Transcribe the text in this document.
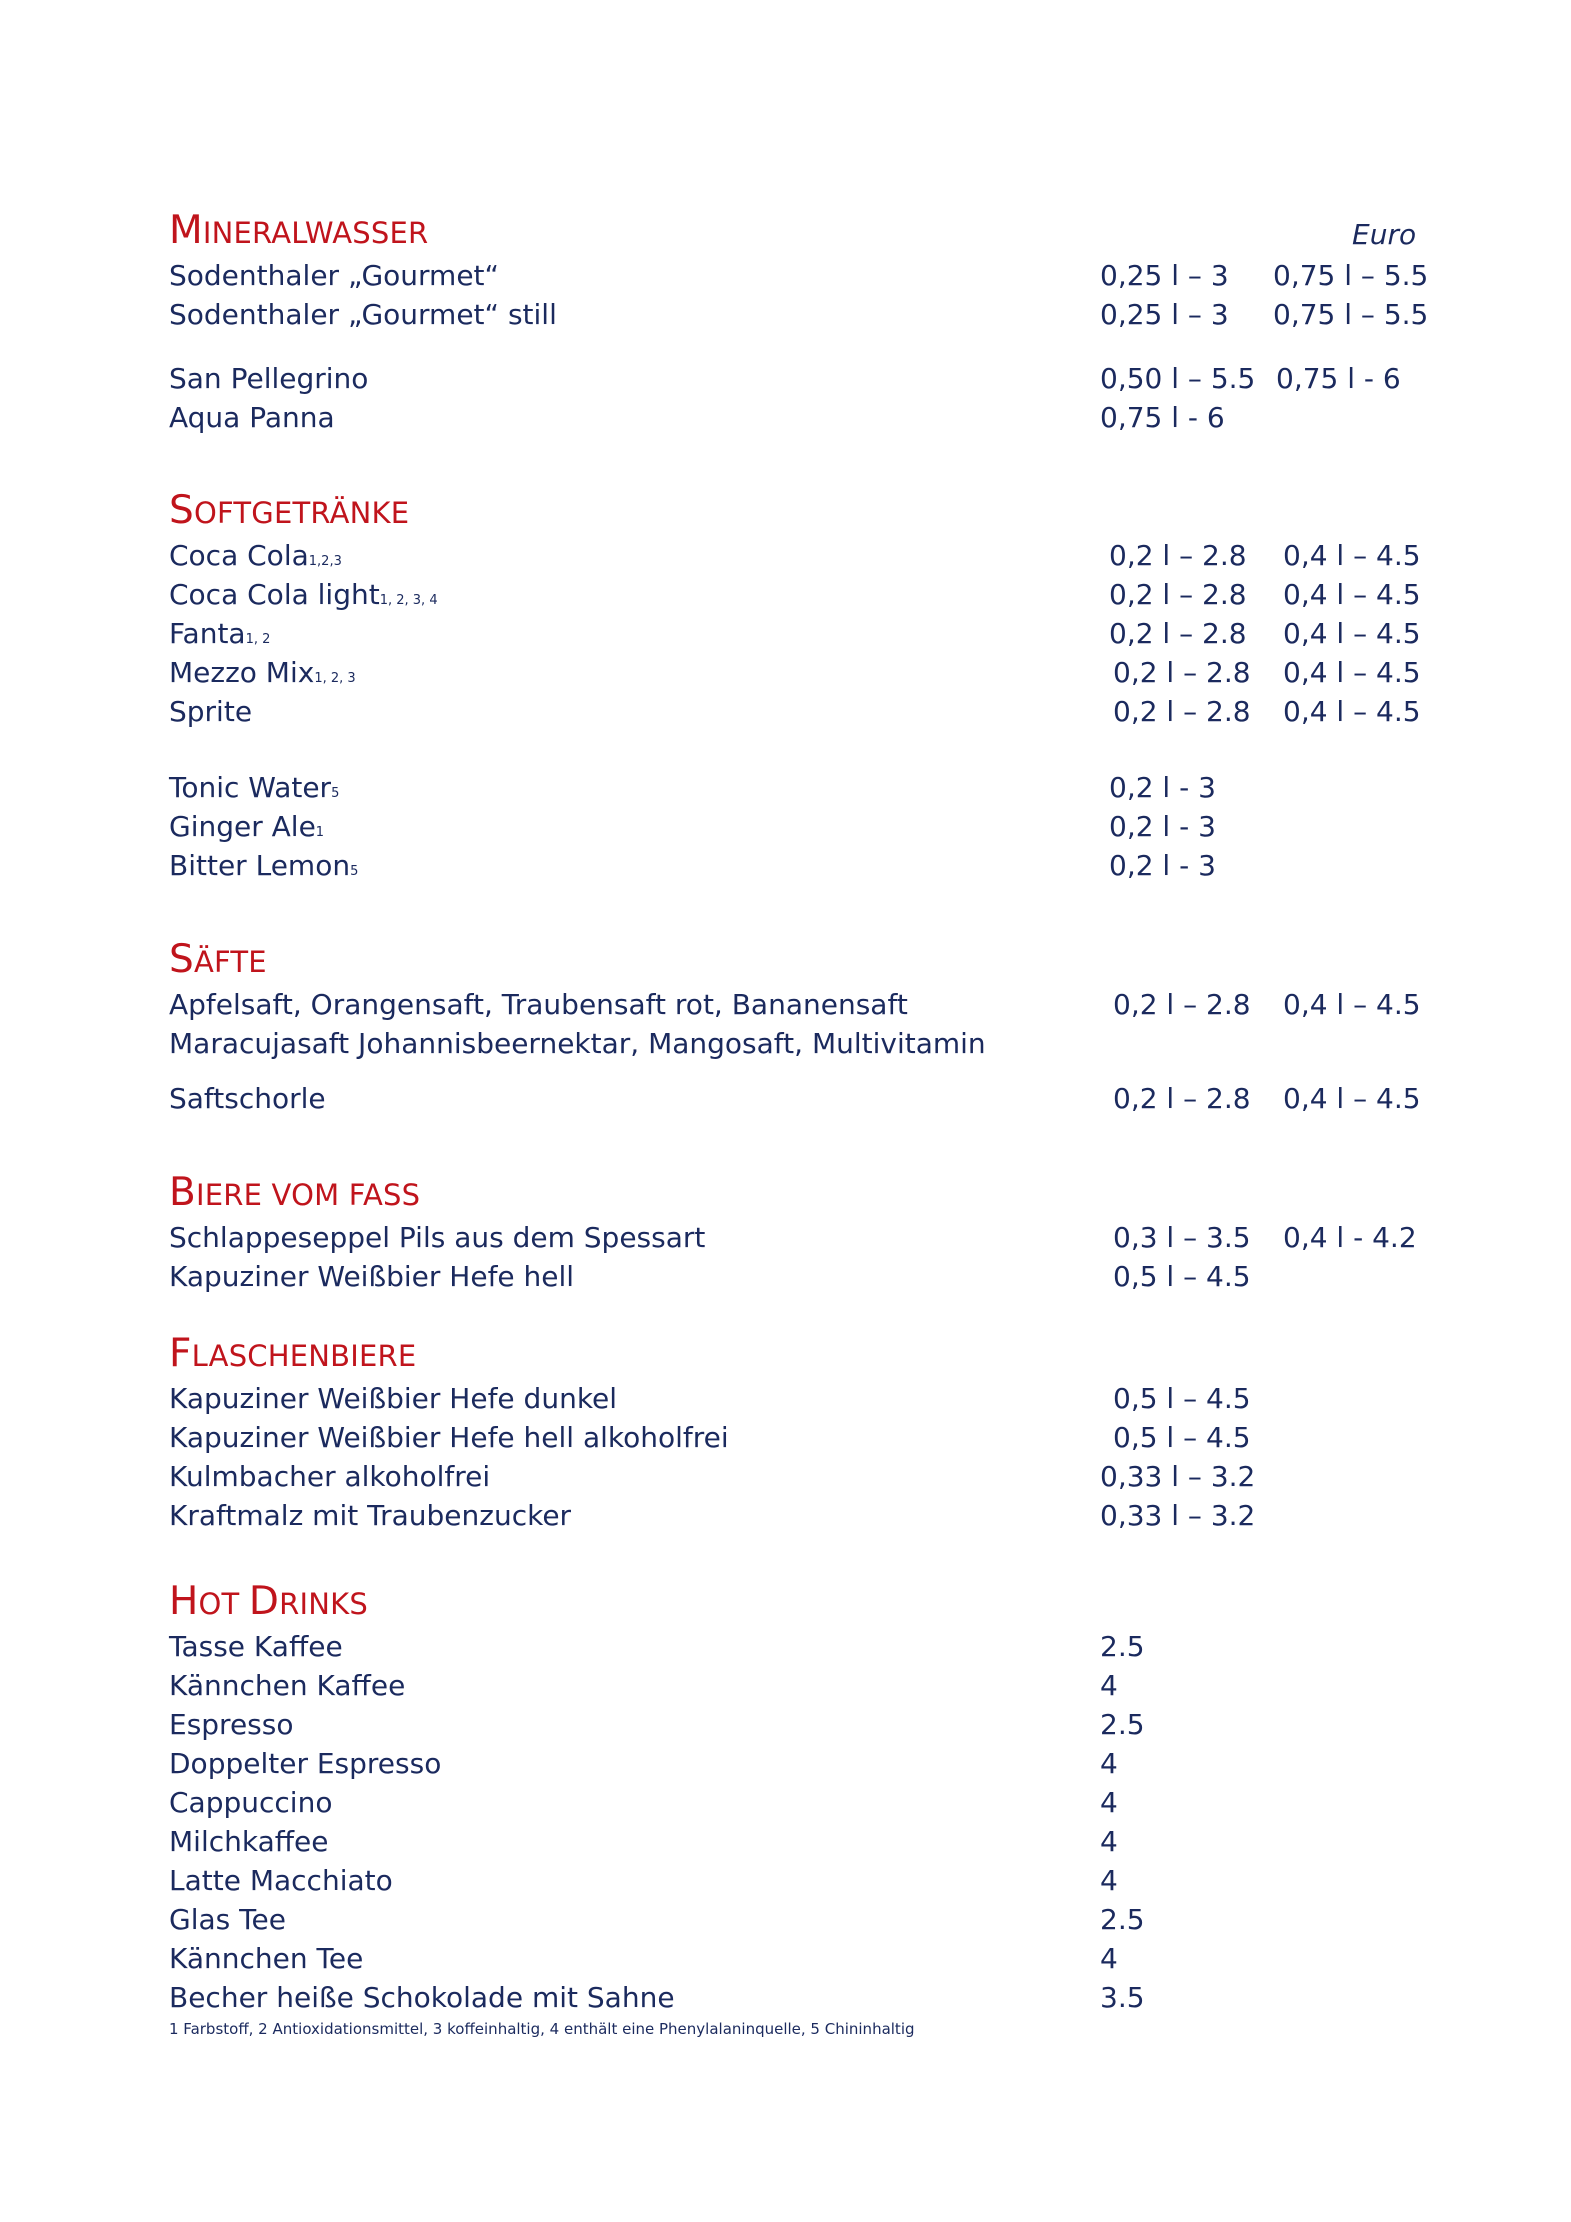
MINERALWASSER	Euro
Sodenthaler „Gourmet“	0,25 l – 3 0,75 l – 5.5
Sodenthaler „Gourmet“ still	0,25 l – 3 0,75 l – 5.5
San Pellegrino	0,50 l – 5.5 0,75 l - 6
Aqua Panna	0,75 l - 6
SOFTGETRÄNKE
Coca Cola1,2,3	0,2 l – 2.8 0,4 l – 4.5
Coca Cola light1, 2, 3, 4	0,2 l – 2.8 0,4 l – 4.5
Fanta1, 2	0,2 l – 2.8 0,4 l – 4.5
Mezzo Mix1, 2, 3	0,2 l – 2.8 0,4 l – 4.5
Sprite	0,2 l – 2.8 0,4 l – 4.5
Tonic Water5	0,2 l - 3
Ginger Ale1	0,2 l - 3
Bitter Lemon5	0,2 l - 3
SÄFTE
Apfelsaft, Orangensaft, Traubensaft rot, Bananensaft	0,2 l – 2.8 0,4 l – 4.5
Maracujasaft Johannisbeernektar, Mangosaft, Multivitamin
Saftschorle	0,2 l – 2.8 0,4 l – 4.5
BIERE VOM FASS
Schlappeseppel Pils aus dem Spessart	0,3 l – 3.5 0,4 l - 4.2
Kapuziner Weißbier Hefe hell	0,5 l – 4.5
FLASCHENBIERE
Kapuziner Weißbier Hefe dunkel	0,5 l – 4.5
Kapuziner Weißbier Hefe hell alkoholfrei	0,5 l – 4.5
Kulmbacher alkoholfrei	0,33 l – 3.2
Kraftmalz mit Traubenzucker	0,33 l – 3.2
HOT DRINKS
Tasse Kaffee	2.5
Kännchen Kaffee	4
Espresso	2.5
Doppelter Espresso	4
Cappuccino	4
Milchkaffee	4
Latte Macchiato	4
Glas Tee	2.5
Kännchen Tee	4
Becher heiße Schokolade mit Sahne	3.5
1 Farbstoff, 2 Antioxidationsmittel, 3 koffeinhaltig, 4 enthält eine Phenylalaninquelle, 5 Chininhaltig
